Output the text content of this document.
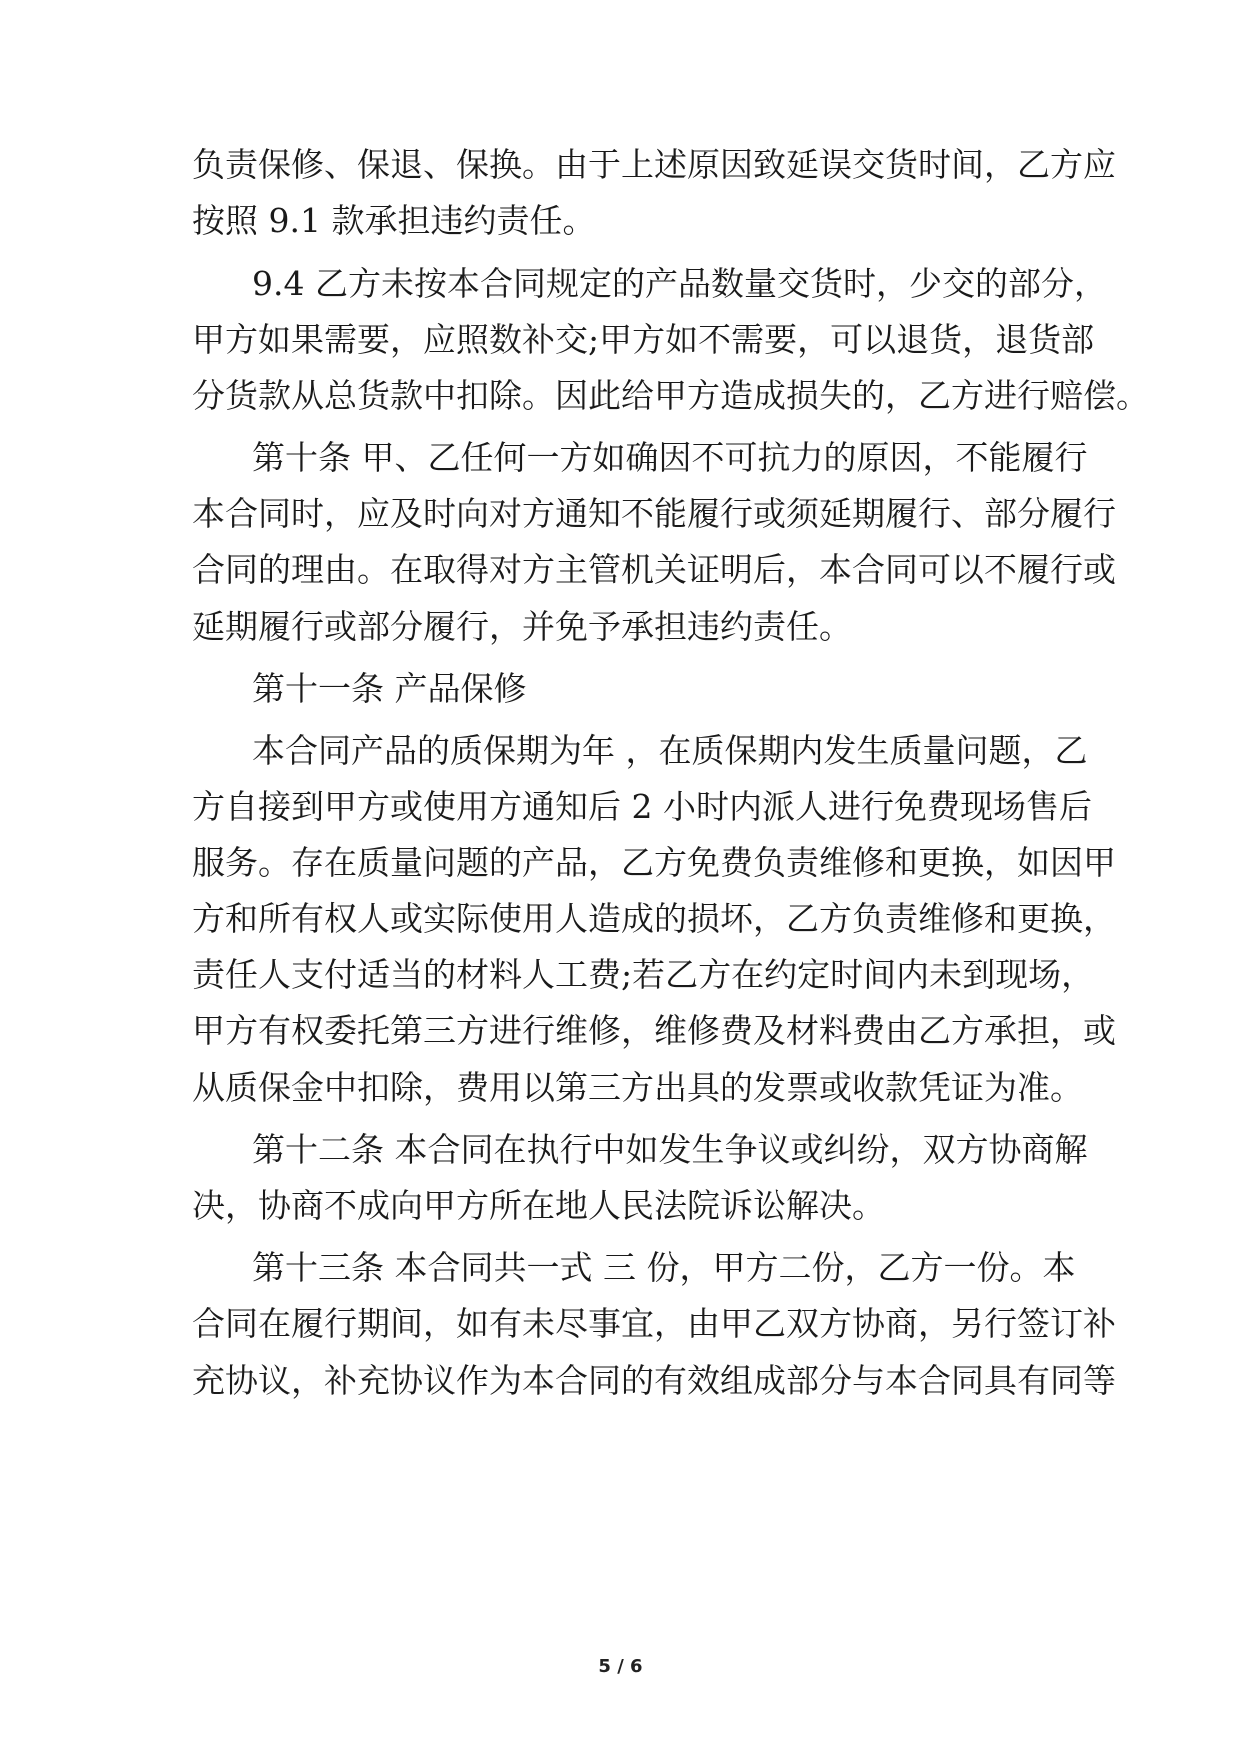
负责保修、保退、保换。由于上述原因致延误交货时间，乙方应
按照 9.1 款承担违约责任。
9.4 乙方未按本合同规定的产品数量交货时，少交的部分，
甲方如果需要，应照数补交;甲方如不需要，可以退货，退货部
分货款从总货款中扣除。因此给甲方造成损失的，乙方进行赔偿。
第十条 甲、乙任何一方如确因不可抗力的原因，不能履行
本合同时，应及时向对方通知不能履行或须延期履行、部分履行
合同的理由。在取得对方主管机关证明后，本合同可以不履行或
延期履行或部分履行，并免予承担违约责任。
第十一条 产品保修
本合同产品的质保期为年 ，在质保期内发生质量问题，乙
方自接到甲方或使用方通知后 2 小时内派人进行免费现场售后
服务。存在质量问题的产品，乙方免费负责维修和更换，如因甲
方和所有权人或实际使用人造成的损坏，乙方负责维修和更换，
责任人支付适当的材料人工费;若乙方在约定时间内未到现场，
甲方有权委托第三方进行维修，维修费及材料费由乙方承担，或
从质保金中扣除，费用以第三方出具的发票或收款凭证为准。
第十二条 本合同在执行中如发生争议或纠纷，双方协商解
决，协商不成向甲方所在地人民法院诉讼解决。
第十三条 本合同共一式 三 份，甲方二份，乙方一份。本
合同在履行期间，如有未尽事宜，由甲乙双方协商，另行签订补
充协议，补充协议作为本合同的有效组成部分与本合同具有同等
5 / 6
